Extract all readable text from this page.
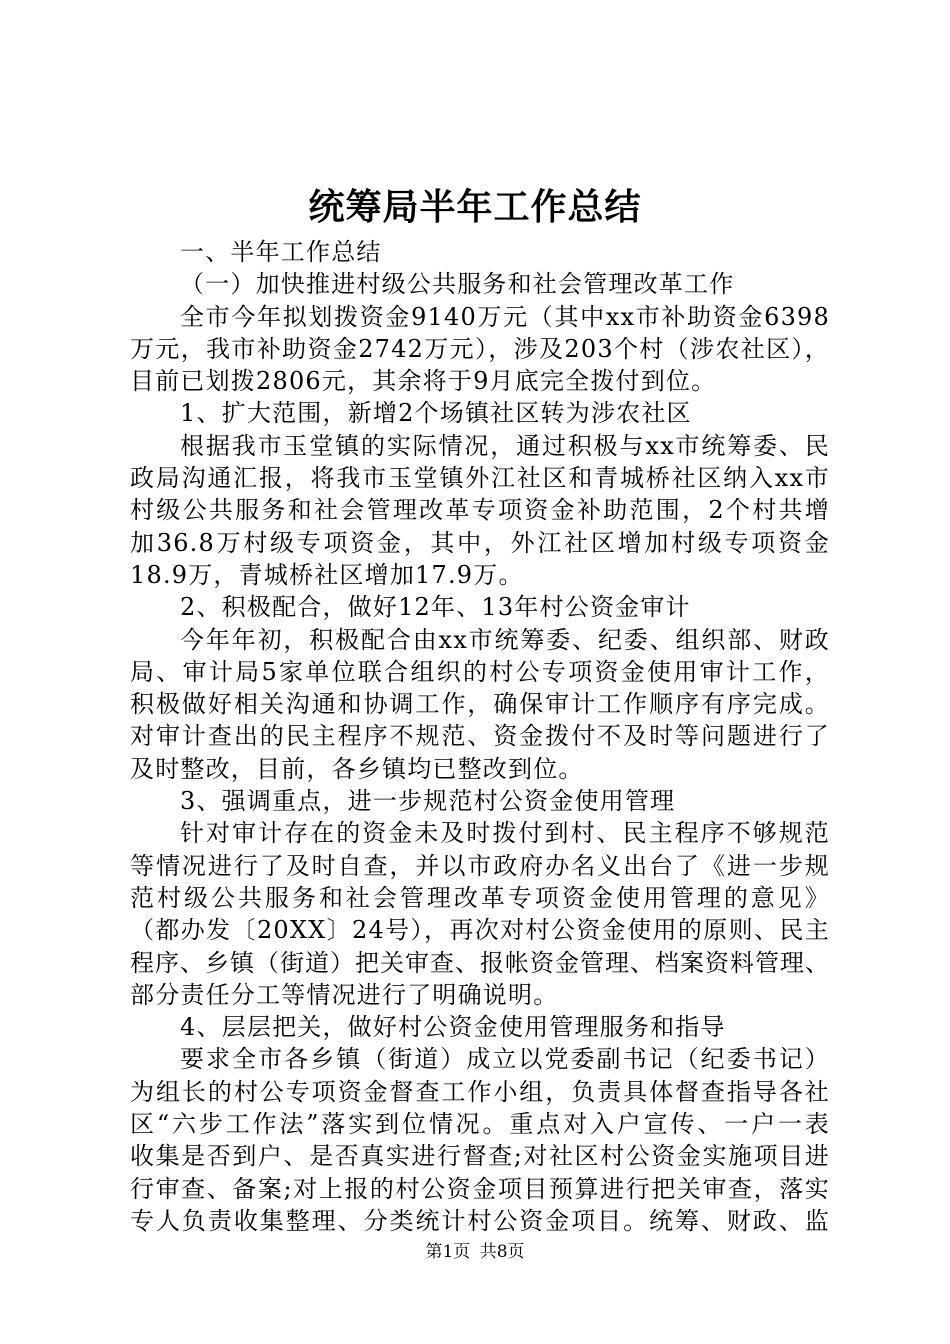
统筹局半年工作总结

一、半年工作总结

（一）加快推进村级公共服务和社会管理改革工作

全市今年拟划拨资金9140万元（其中xx市补助资金6398

万元，我市补助资金2742万元），涉及203个村（涉农社区），

目前已划拨2806元，其余将于9月底完全拨付到位。

1、扩大范围，新增2个场镇社区转为涉农社区

根据我市玉堂镇的实际情况，通过积极与xx市统筹委、民

政局沟通汇报，将我市玉堂镇外江社区和青城桥社区纳入xx市

村级公共服务和社会管理改革专项资金补助范围，2个村共增

加36.8万村级专项资金，其中，外江社区增加村级专项资金

18.9万，青城桥社区增加17.9万。

2、积极配合，做好12年、13年村公资金审计

今年年初，积极配合由xx市统筹委、纪委、组织部、财政

局、审计局5家单位联合组织的村公专项资金使用审计工作，

积极做好相关沟通和协调工作，确保审计工作顺序有序完成。

对审计查出的民主程序不规范、资金拨付不及时等问题进行了

及时整改，目前，各乡镇均已整改到位。

3、强调重点，进一步规范村公资金使用管理

针对审计存在的资金未及时拨付到村、民主程序不够规范

等情况进行了及时自查，并以市政府办名义出台了《进一步规

范村级公共服务和社会管理改革专项资金使用管理的意见》

（都办发〔20XX〕24号），再次对村公资金使用的原则、民主

程序、乡镇（街道）把关审查、报帐资金管理、档案资料管理、

部分责任分工等情况进行了明确说明。

4、层层把关，做好村公资金使用管理服务和指导

要求全市各乡镇（街道）成立以党委副书记（纪委书记）

为组长的村公专项资金督查工作小组，负责具体督查指导各社

区“六步工作法”落实到位情况。重点对入户宣传、一户一表

收集是否到户、是否真实进行督查;对社区村公资金实施项目进

行审查、备案;对上报的村公资金项目预算进行把关审查，落实

专人负责收集整理、分类统计村公资金项目。统筹、财政、监

第1页 共8页
